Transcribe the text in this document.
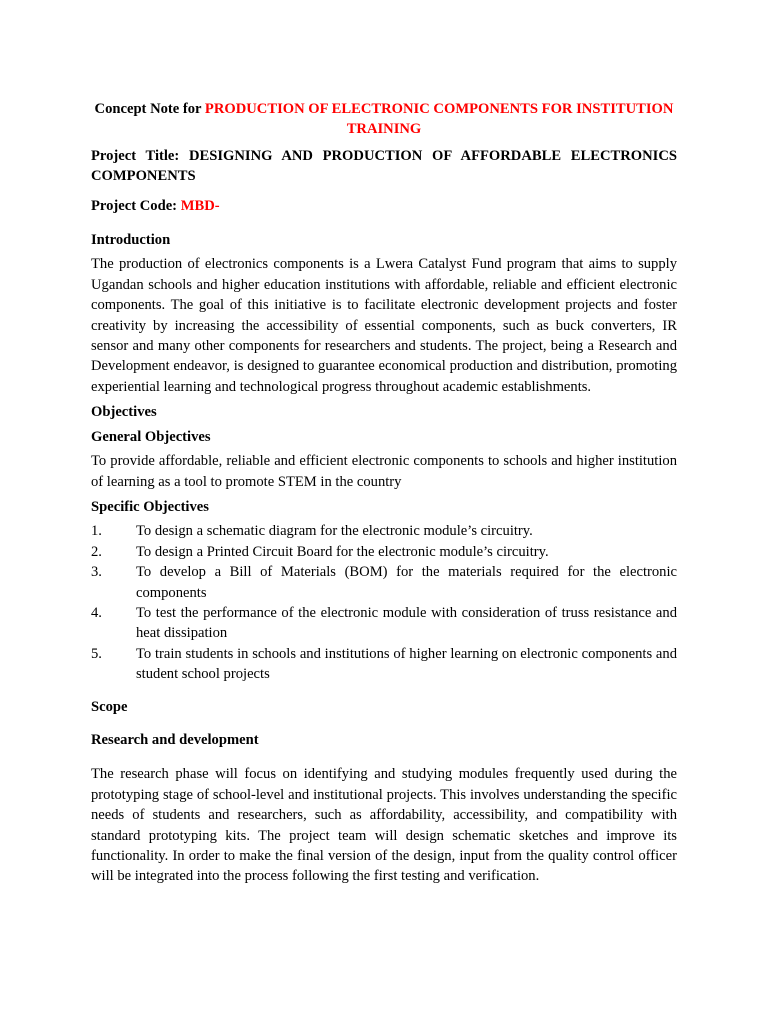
Concept Note for PRODUCTION OF ELECTRONIC COMPONENTS FOR INSTITUTION TRAINING

Project Title: DESIGNING AND PRODUCTION OF AFFORDABLE ELECTRONICS COMPONENTS

Project Code: MBD-

Introduction

The production of electronics components is a Lwera Catalyst Fund program that aims to supply Ugandan schools and higher education institutions with affordable, reliable and efficient electronic components. The goal of this initiative is to facilitate electronic development projects and foster creativity by increasing the accessibility of essential components, such as buck converters, IR sensor and many other components for researchers and students. The project, being a Research and Development endeavor, is designed to guarantee economical production and distribution, promoting experiential learning and technological progress throughout academic establishments.

Objectives

General Objectives

To provide affordable, reliable and efficient electronic components to schools and higher institution of learning as a tool to promote STEM in the country

Specific Objectives

1.	To design a schematic diagram for the electronic module’s circuitry.
2.	To design a Printed Circuit Board for the electronic module’s circuitry.
3.	To develop a Bill of Materials (BOM) for the materials required for the electronic components
4.	To test the performance of the electronic module with consideration of truss resistance and heat dissipation
5.	To train students in schools and institutions of higher learning on electronic components and student school projects

Scope

Research and development

The research phase will focus on identifying and studying modules frequently used during the prototyping stage of school-level and institutional projects. This involves understanding the specific needs of students and researchers, such as affordability, accessibility, and compatibility with standard prototyping kits. The project team will design schematic sketches and improve its functionality. In order to make the final version of the design, input from the quality control officer will be integrated into the process following the first testing and verification.
